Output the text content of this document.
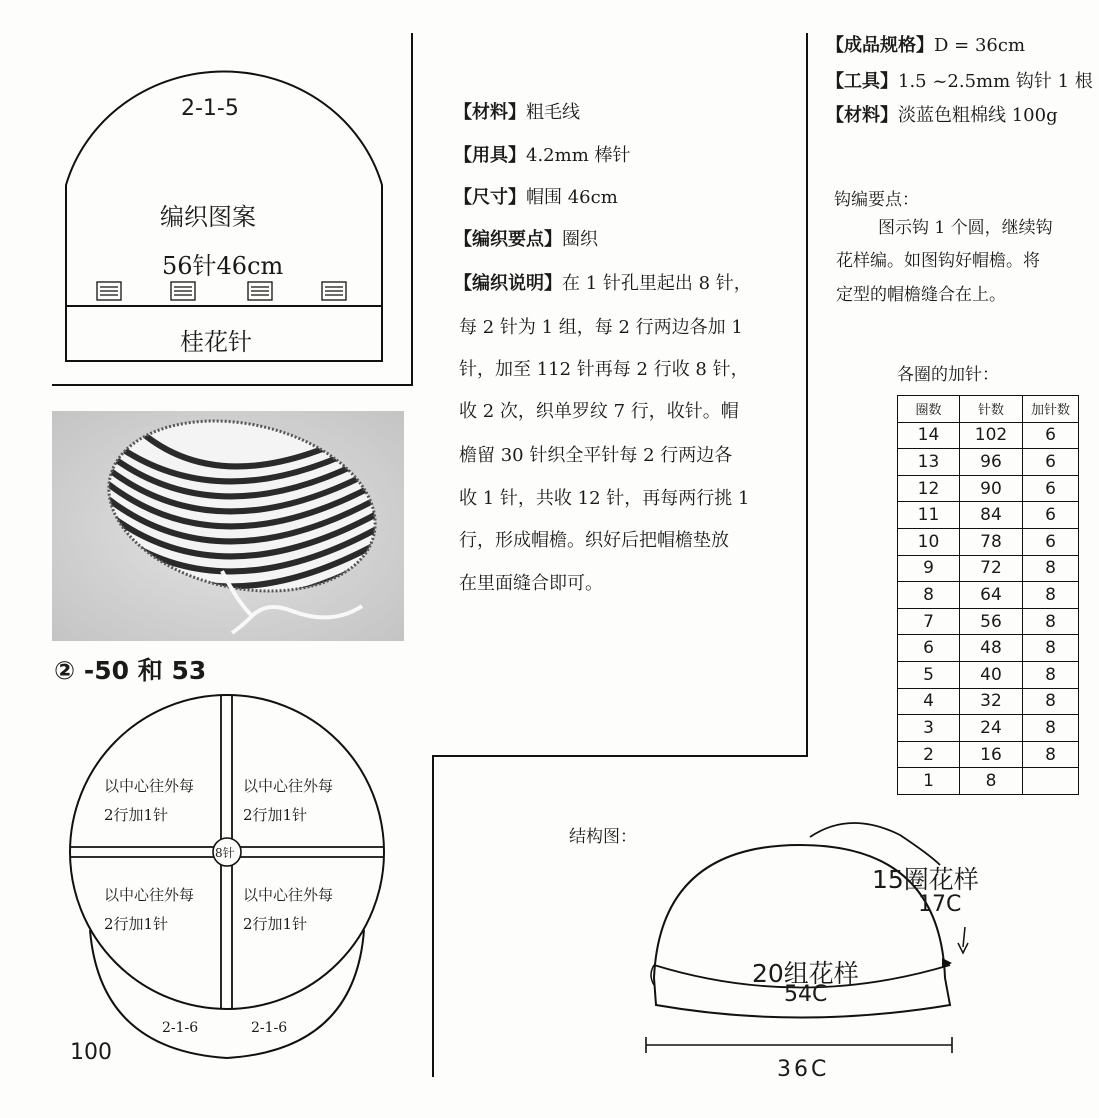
2-1-5
编织图案
56针46cm
桂花针
② -50 和 53
以中心往外每
2行加1针
以中心往外每
2行加1针
以中心往外每
2行加1针
以中心往外每
2行加1针
8针
2-1-6	2-1-6
100
【材料】粗毛线
【用具】4.2mm 棒针
【尺寸】帽围 46cm
【编织要点】圈织
【编织说明】在 1 针孔里起出 8 针，
每 2 针为 1 组，每 2 行两边各加 1
针，加至 112 针再每 2 行收 8 针，
收 2 次，织单罗纹 7 行，收针。帽
檐留 30 针织全平针每 2 行两边各
收 1 针，共收 12 针，再每两行挑 1
行，形成帽檐。织好后把帽檐垫放
在里面缝合即可。
【成品规格】D = 36cm
【工具】1.5 ~2.5mm 钩针 1 根
【材料】淡蓝色粗棉线 100g
钩编要点：
图示钩 1 个圆，继续钩
花样编。如图钩好帽檐。将
定型的帽檐缝合在上。
各圈的加针：
圈数	针数	加针数
14	102	6
13	96	6
12	90	6
11	84	6
10	78	6
9	72	8
8	64	8
7	56	8
6	48	8
5	40	8
4	32	8
3	24	8
2	16	8
1	8	
结构图：
15圈花样
17C
20组花样
54C
36C
